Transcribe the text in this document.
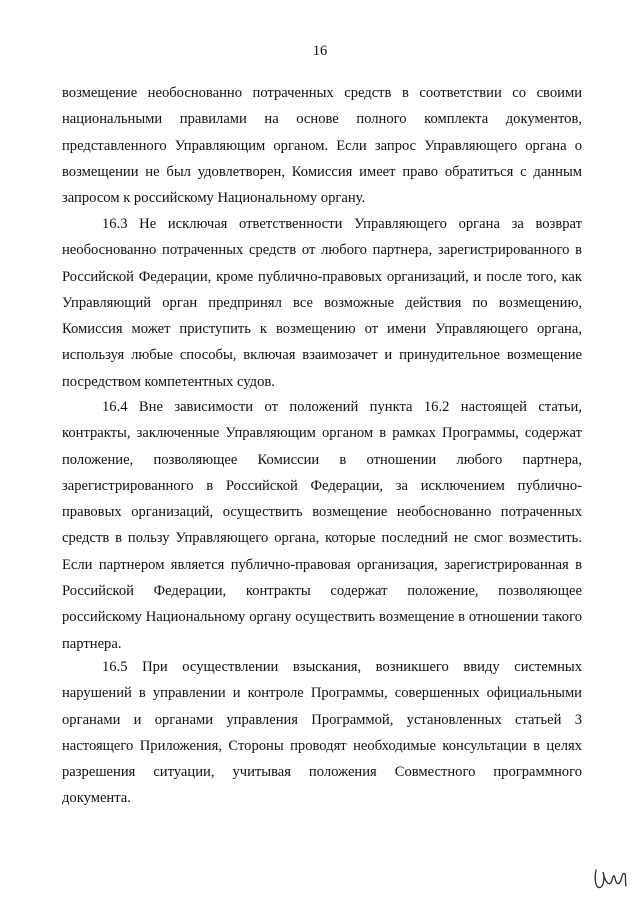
16
возмещение необоснованно потраченных средств в соответствии со своими национальными правилами на основе полного комплекта документов, представленного Управляющим органом. Если запрос Управляющего органа о возмещении не был удовлетворен, Комиссия имеет право обратиться с данным запросом к российскому Национальному органу.
16.3 Не исключая ответственности Управляющего органа за возврат необоснованно потраченных средств от любого партнера, зарегистрированного в Российской Федерации, кроме публично-правовых организаций, и после того, как Управляющий орган предпринял все возможные действия по возмещению, Комиссия может приступить к возмещению от имени Управляющего органа, используя любые способы, включая взаимозачет и принудительное возмещение посредством компетентных судов.
16.4 Вне зависимости от положений пункта 16.2 настоящей статьи, контракты, заключенные Управляющим органом в рамках Программы, содержат положение, позволяющее Комиссии в отношении любого партнера, зарегистрированного в Российской Федерации, за исключением публично-правовых организаций, осуществить возмещение необоснованно потраченных средств в пользу Управляющего органа, которые последний не смог возместить. Если партнером является публично-правовая организация, зарегистрированная в Российской Федерации, контракты содержат положение, позволяющее российскому Национальному органу осуществить возмещение в отношении такого партнера.
16.5 При осуществлении взыскания, возникшего ввиду системных нарушений в управлении и контроле Программы, совершенных официальными органами и органами управления Программой, установленных статьей 3 настоящего Приложения, Стороны проводят необходимые консультации в целях разрешения ситуации, учитывая положения Совместного программного документа.
